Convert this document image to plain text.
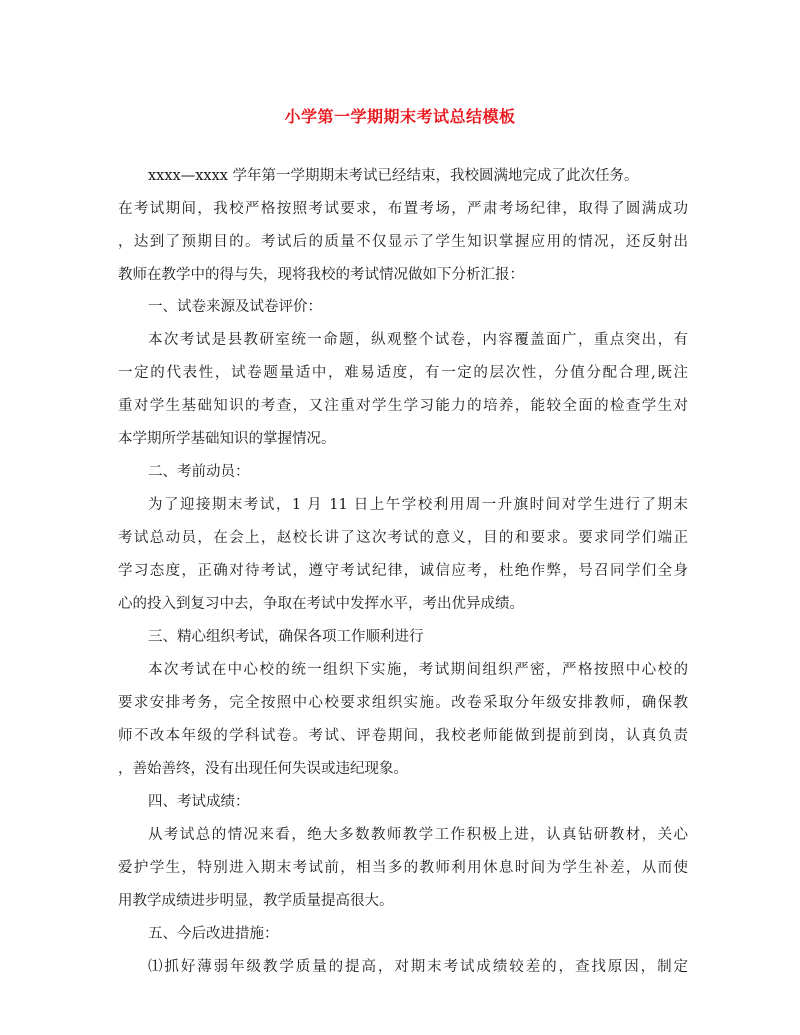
小学第一学期期末考试总结模板
xxxx—xxxx 学年第一学期期末考试已经结束，我校圆满地完成了此次任务。
在考试期间，我校严格按照考试要求，布置考场，严肃考场纪律，取得了圆满成功
，达到了预期目的。考试后的质量不仅显示了学生知识掌握应用的情况，还反射出
教师在教学中的得与失，现将我校的考试情况做如下分析汇报：
一、试卷来源及试卷评价：
本次考试是县教研室统一命题，纵观整个试卷，内容覆盖面广，重点突出，有
一定的代表性，试卷题量适中，难易适度，有一定的层次性，分值分配合理,既注
重对学生基础知识的考查，又注重对学生学习能力的培养，能较全面的检查学生对
本学期所学基础知识的掌握情况。
二、考前动员：
为了迎接期末考试，1 月 11 日上午学校利用周一升旗时间对学生进行了期末
考试总动员，在会上，赵校长讲了这次考试的意义，目的和要求。要求同学们端正
学习态度，正确对待考试，遵守考试纪律，诚信应考，杜绝作弊，号召同学们全身
心的投入到复习中去，争取在考试中发挥水平，考出优异成绩。
三、精心组织考试，确保各项工作顺利进行
本次考试在中心校的统一组织下实施，考试期间组织严密，严格按照中心校的
要求安排考务，完全按照中心校要求组织实施。改卷采取分年级安排教师，确保教
师不改本年级的学科试卷。考试、评卷期间，我校老师能做到提前到岗，认真负责
，善始善终，没有出现任何失误或违纪现象。
四、考试成绩：
从考试总的情况来看，绝大多数教师教学工作积极上进，认真钻研教材，关心
爱护学生，特别进入期末考试前，相当多的教师利用休息时间为学生补差，从而使
用教学成绩进步明显，教学质量提高很大。
五、今后改进措施：
⑴抓好薄弱年级教学质量的提高，对期末考试成绩较差的，查找原因，制定
